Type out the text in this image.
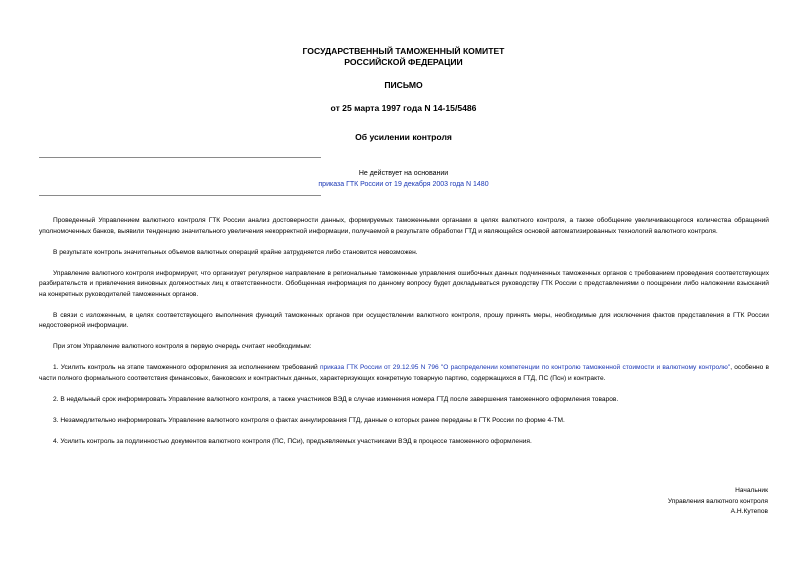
ГОСУДАРСТВЕННЫЙ ТАМОЖЕННЫЙ КОМИТЕТ
РОССИЙСКОЙ ФЕДЕРАЦИИ
ПИСЬМО
от 25 марта 1997 года N 14-15/5486
Об усилении контроля
Не действует на основании
приказа ГТК России от 19 декабря 2003 года N 1480

Проведенный Управлением валютного контроля ГТК России анализ достоверности данных, формируемых таможенными органами в целях валютного контроля, а также обобщение увеличивающегося количества обращений уполномоченных банков, выявили тенденцию значительного увеличения некорректной информации, получаемой в результате обработки ГТД и являющейся основой автоматизированных технологий валютного контроля.

В результате контроль значительных объемов валютных операций крайне затрудняется либо становится невозможен.

Управление валютного контроля информирует, что организует регулярное направление в региональные таможенные управления ошибочных данных подчиненных таможенных органов с требованием проведения соответствующих разбирательств и привлечения виновных должностных лиц к ответственности. Обобщенная информация по данному вопросу будет докладываться руководству ГТК России с представлениями о поощрении либо наложении взысканий на конкретных руководителей таможенных органов.

В связи с изложенным, в целях соответствующего выполнения функций таможенных органов при осуществлении валютного контроля, прошу принять меры, необходимые для исключения фактов представления в ГТК России недостоверной информации.

При этом Управление валютного контроля в первую очередь считает необходимым:

1. Усилить контроль на этапе таможенного оформления за исполнением требований приказа ГТК России от 29.12.95 N 796 "О распределении компетенции по контролю таможенной стоимости и валютному контролю", особенно в части полного формального соответствия финансовых, банковских и контрактных данных, характеризующих конкретную товарную партию, содержащихся в ГТД, ПС (Псн) и контракте.

2. В недельный срок информировать Управление валютного контроля, а также участников ВЭД в случае изменения номера ГТД после завершения таможенного оформления товаров.

3. Незамедлительно информировать Управление валютного контроля о фактах аннулирования ГТД, данные о которых ранее переданы в ГТК России по форме 4-ТМ.

4. Усилить контроль за подлинностью документов валютного контроля (ПС, ПСи), предъявляемых участниками ВЭД в процессе таможенного оформления.

Начальник
Управления валютного контроля
А.Н.Кутепов
